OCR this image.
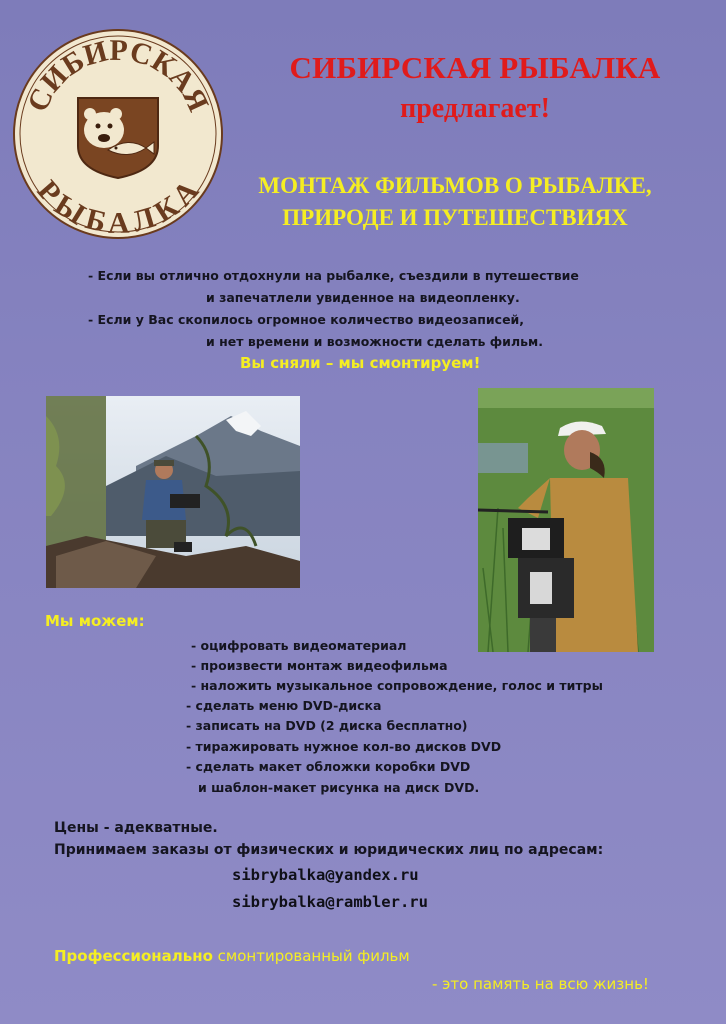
СИБИРСКАЯ
РЫБАЛКА
СИБИРСКАЯ РЫБАЛКА
предлагает!
МОНТАЖ ФИЛЬМОВ О РЫБАЛКЕ,
ПРИРОДЕ И ПУТЕШЕСТВИЯХ
- Если вы отлично отдохнули на рыбалке, съездили в путешествие
и запечатлели увиденное на видеопленку.
- Если у Вас скопилось огромное количество видеозаписей,
и нет времени и возможности сделать фильм.
Вы сняли – мы смонтируем!
Мы можем:
- оцифровать видеоматериал
- произвести монтаж видеофильма
- наложить музыкальное сопровождение, голос и титры
- сделать меню DVD-диска
- записать на DVD (2 диска бесплатно)
- тиражировать нужное кол-во дисков DVD
- сделать макет обложки коробки DVD
и шаблон-макет рисунка на диск DVD.
Цены - адекватные.
Принимаем заказы от физических и юридических лиц по адресам:
sibrybalka@yandex.ru
sibrybalka@rambler.ru
Профессионально смонтированный фильм
- это память на всю жизнь!
